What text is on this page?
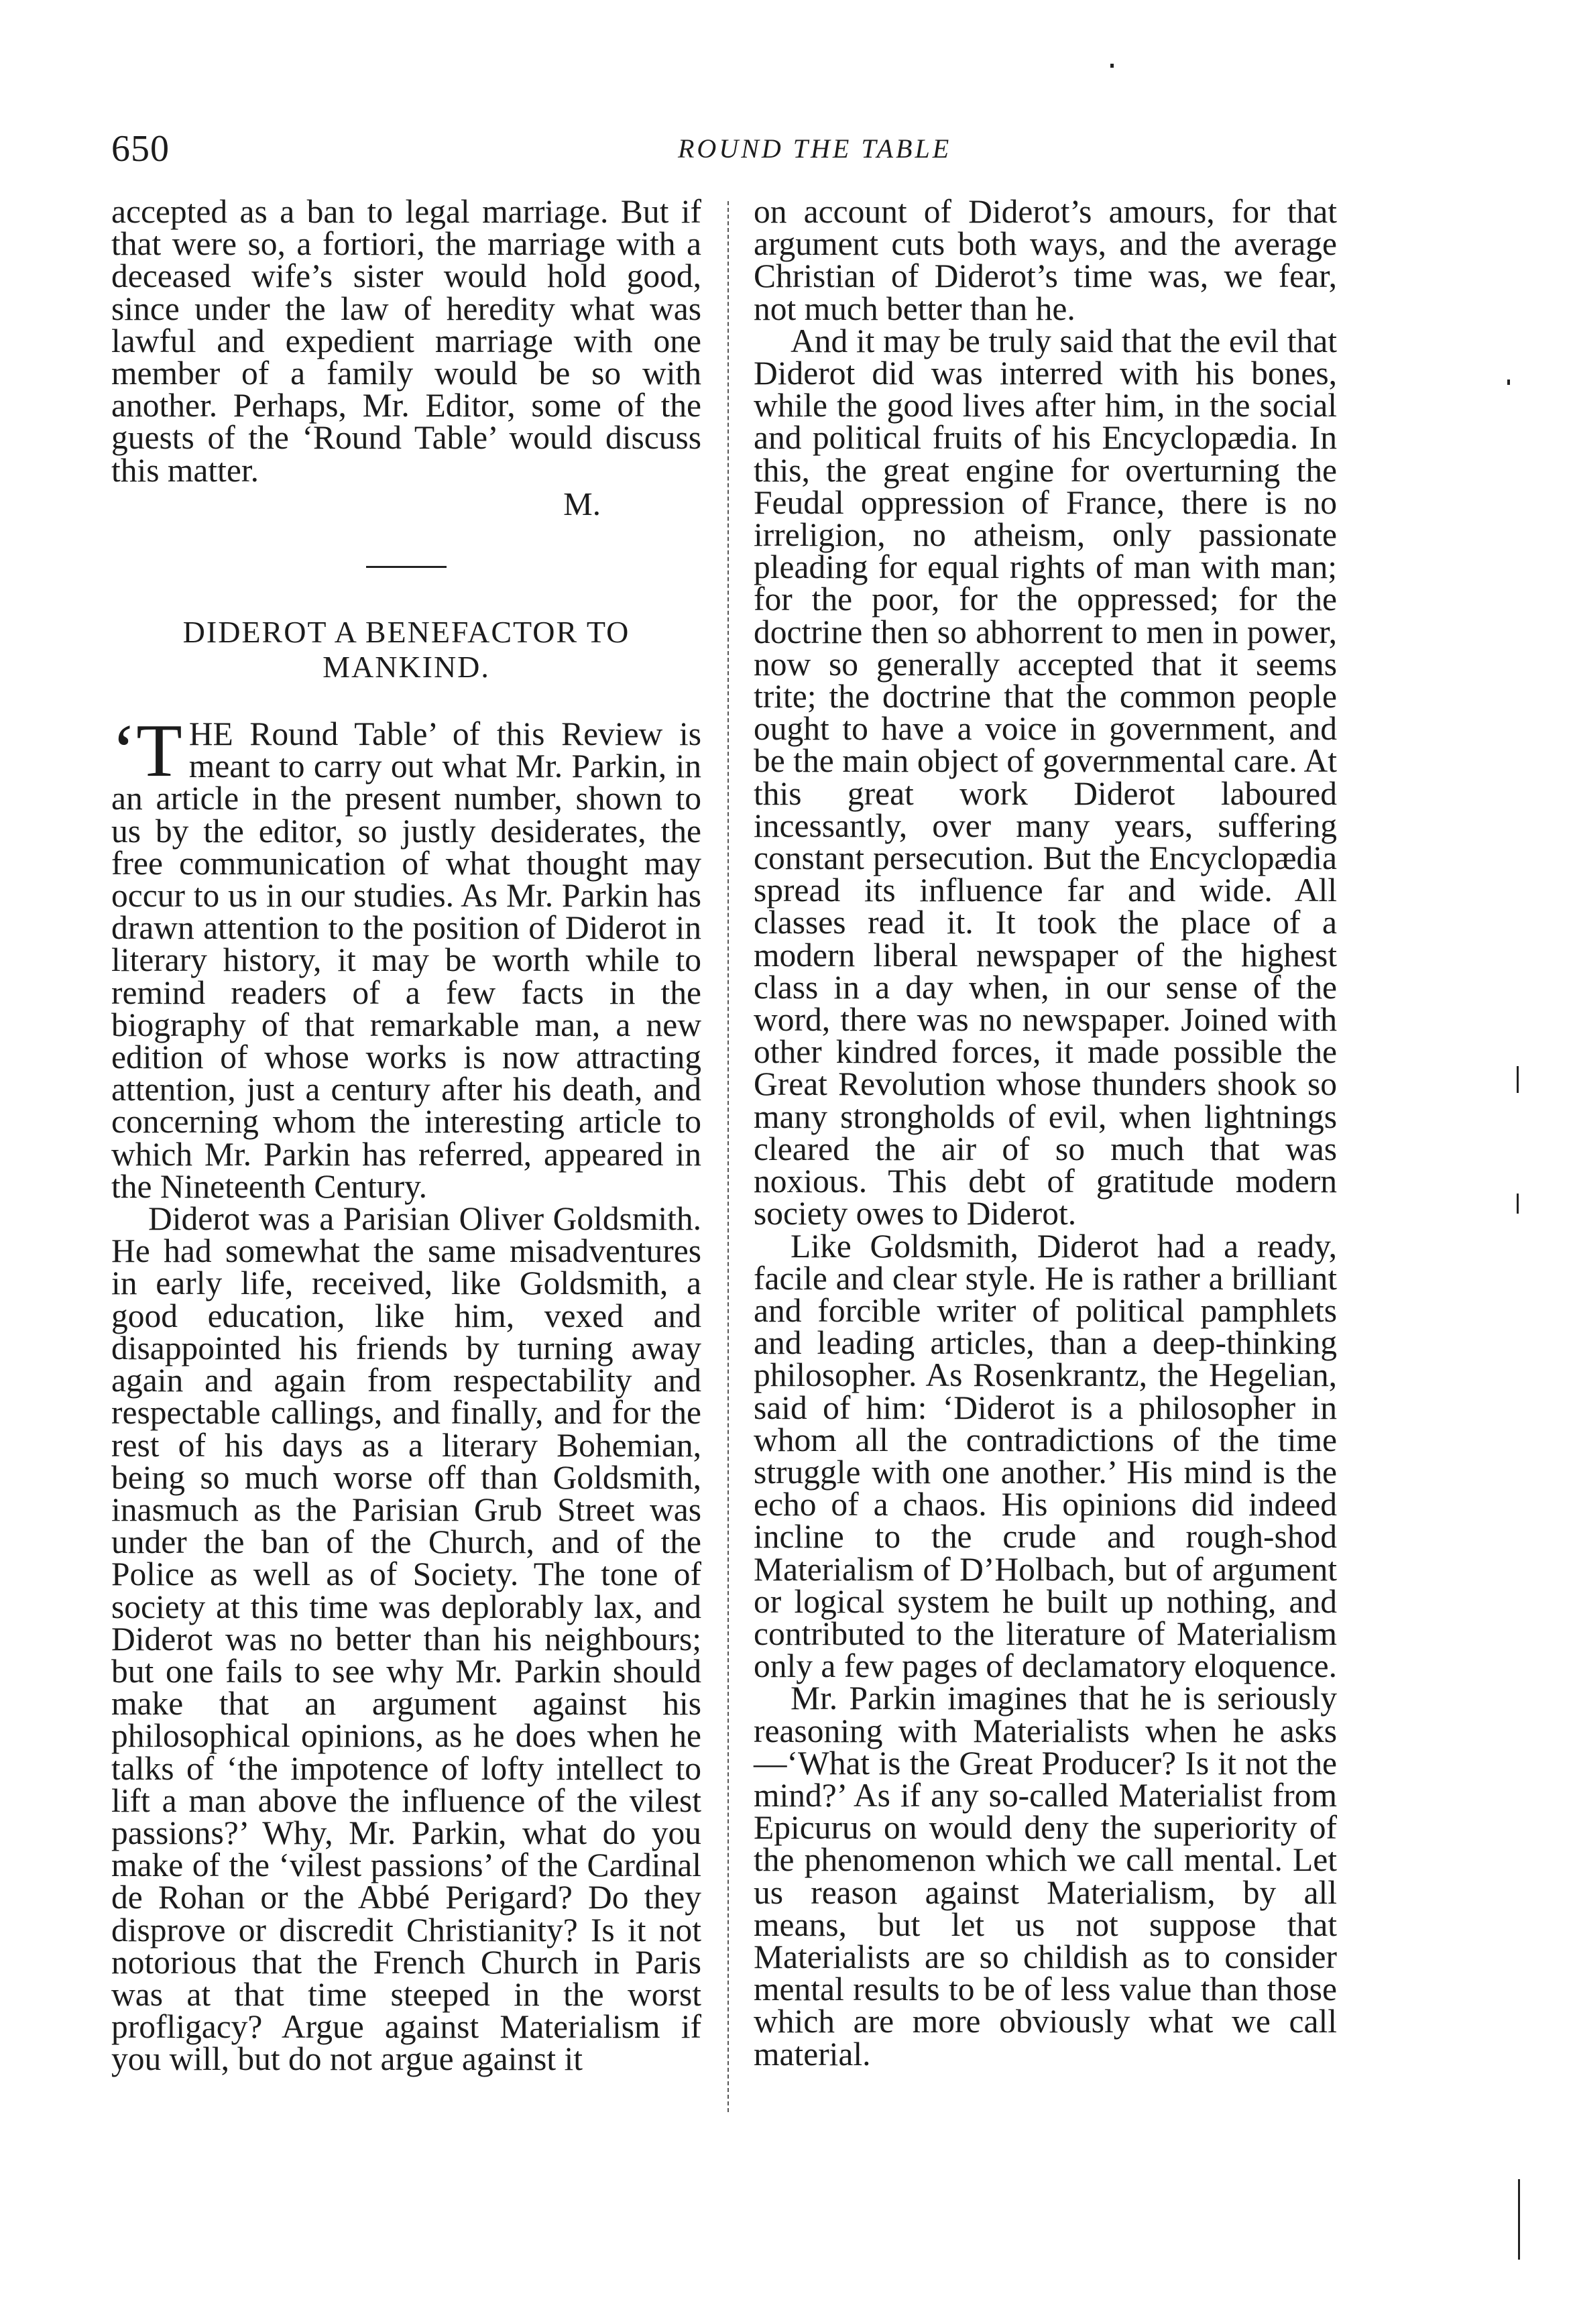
650	ROUND THE TABLE

accepted as a ban to legal marriage. But if that were so, a fortiori, the marriage with a deceased wife’s sister would hold good, since under the law of heredity what was lawful and expedient marriage with one member of a family would be so with another. Perhaps, Mr. Editor, some of the guests of the ‘Round Table’ would discuss this matter.

M.

DIDEROT A BENEFACTOR TO
MANKIND.

‘T HE Round Table’ of this Review is meant to carry out what Mr. Parkin, in an article in the present number, shown to us by the editor, so justly desiderates, the free communication of what thought may occur to us in our studies. As Mr. Parkin has drawn attention to the position of Diderot in literary history, it may be worth while to remind readers of a few facts in the biography of that remarkable man, a new edition of whose works is now attracting attention, just a century after his death, and concerning whom the interesting article to which Mr. Parkin has referred, appeared in the Nineteenth Century.

Diderot was a Parisian Oliver Goldsmith. He had somewhat the same misadventures in early life, received, like Goldsmith, a good education, like him, vexed and disappointed his friends by turning away again and again from respectability and respectable callings, and finally, and for the rest of his days as a literary Bohemian, being so much worse off than Goldsmith, inasmuch as the Parisian Grub Street was under the ban of the Church, and of the Police as well as of Society. The tone of society at this time was deplorably lax, and Diderot was no better than his neighbours; but one fails to see why Mr. Parkin should make that an argument against his philosophical opinions, as he does when he talks of ‘the impotence of lofty intellect to lift a man above the influence of the vilest passions?’ Why, Mr. Parkin, what do you make of the ‘vilest passions’ of the Cardinal de Rohan or the Abbé Perigard? Do they disprove or discredit Christianity? Is it not notorious that the French Church in Paris was at that time steeped in the worst profligacy? Argue against Materialism if you will, but do not argue against it

on account of Diderot’s amours, for that argument cuts both ways, and the average Christian of Diderot’s time was, we fear, not much better than he.

And it may be truly said that the evil that Diderot did was interred with his bones, while the good lives after him, in the social and political fruits of his Encyclopædia. In this, the great engine for overturning the Feudal oppression of France, there is no irreligion, no atheism, only passionate pleading for equal rights of man with man; for the poor, for the oppressed; for the doctrine then so abhorrent to men in power, now so generally accepted that it seems trite; the doctrine that the common people ought to have a voice in government, and be the main object of governmental care. At this great work Diderot laboured incessantly, over many years, suffering constant persecution. But the Encyclopædia spread its influence far and wide. All classes read it. It took the place of a modern liberal newspaper of the highest class in a day when, in our sense of the word, there was no newspaper. Joined with other kindred forces, it made possible the Great Revolution whose thunders shook so many strongholds of evil, when lightnings cleared the air of so much that was noxious. This debt of gratitude modern society owes to Diderot.

Like Goldsmith, Diderot had a ready, facile and clear style. He is rather a brilliant and forcible writer of political pamphlets and leading articles, than a deep-thinking philosopher. As Rosenkrantz, the Hegelian, said of him: ‘Diderot is a philosopher in whom all the contradictions of the time struggle with one another.’ His mind is the echo of a chaos. His opinions did indeed incline to the crude and rough-shod Materialism of D’Holbach, but of argument or logical system he built up nothing, and contributed to the literature of Materialism only a few pages of declamatory eloquence.

Mr. Parkin imagines that he is seriously reasoning with Materialists when he asks—‘What is the Great Producer? Is it not the mind?’ As if any so-called Materialist from Epicurus on would deny the superiority of the phenomenon which we call mental. Let us reason against Materialism, by all means, but let us not suppose that Materialists are so childish as to consider mental results to be of less value than those which are more obviously what we call material.
